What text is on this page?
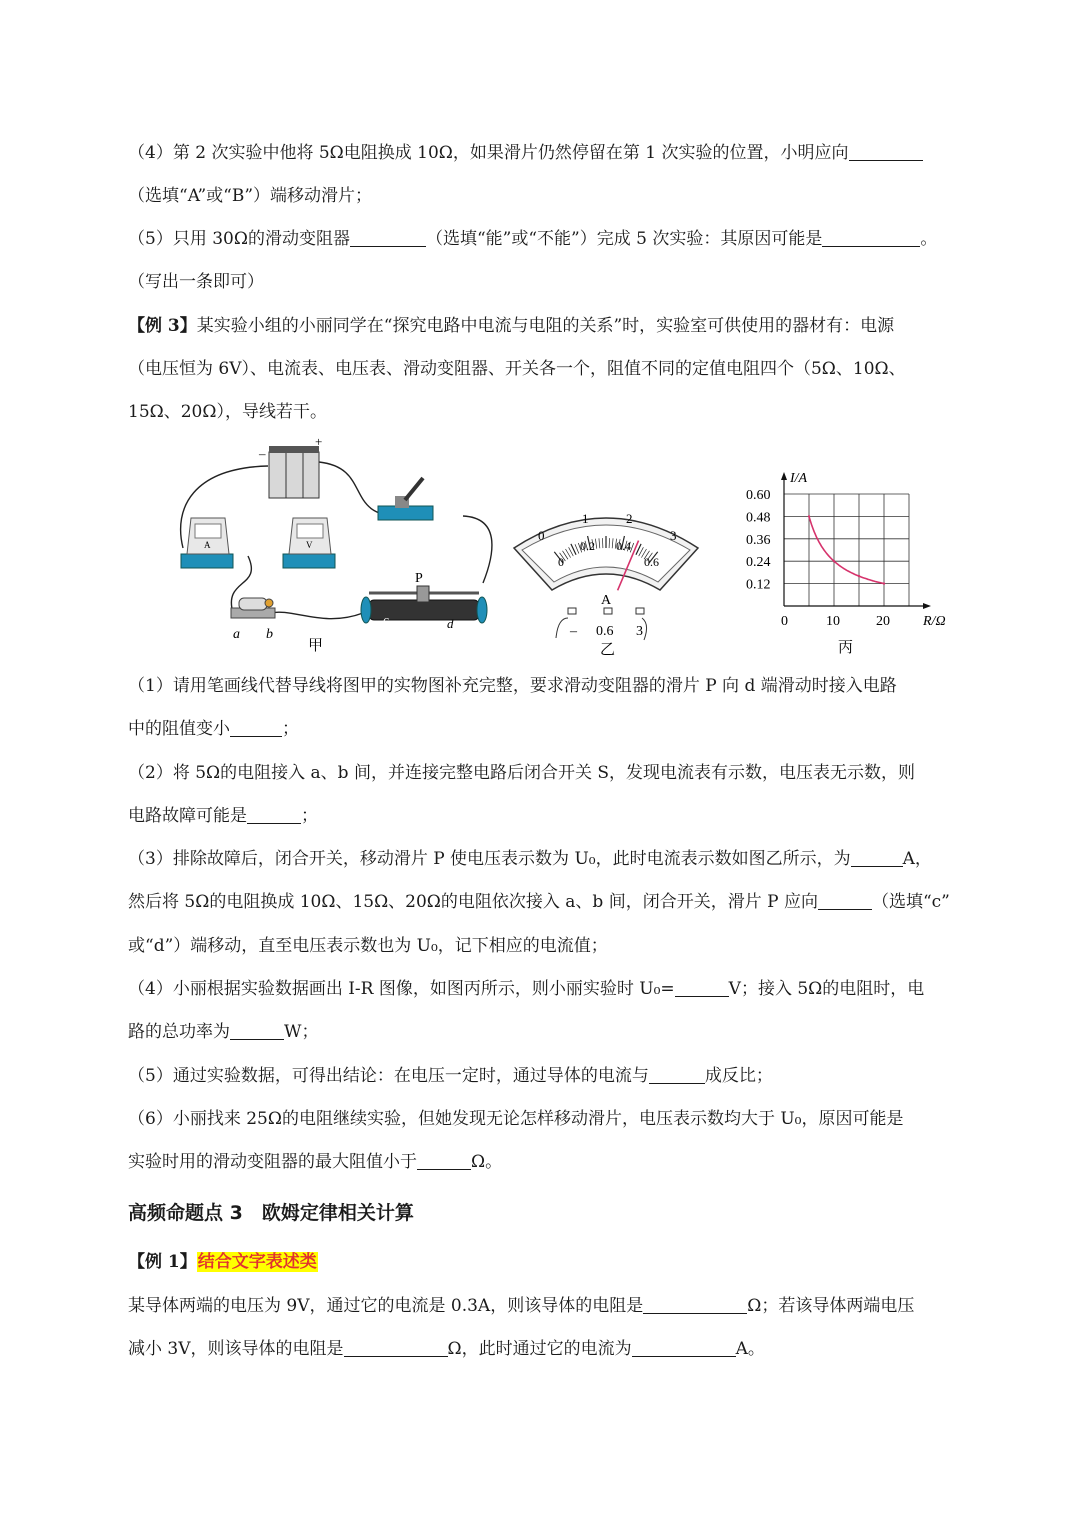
（4）第 2 次实验中他将 5Ω电阻换成 10Ω，如果滑片仍然停留在第 1 次实验的位置，小明应向
（选填“A”或“B”）端移动滑片；
（5）只用 30Ω的滑动变阻器	（选填“能”或“不能”）完成 5 次实验：其原因可能是	。
（写出一条即可）
【例 3】某实验小组的小丽同学在“探究电路中电流与电阻的关系”时，实验室可供使用的器材有：电源
（电压恒为 6V）、电流表、电压表、滑动变阻器、开关各一个，阻值不同的定值电阻四个（5Ω、10Ω、
15Ω、20Ω），导线若干。
+
–
A	V
a b
P
c	d
甲
0
1	2
3
0
0.2 0.4
0.6
A
– 0.6 3
乙
0	10	20
0.12
0.24
0.36
0.48
0.60
I/A
R/Ω
丙
（1）请用笔画线代替导线将图甲的实物图补充完整，要求滑动变阻器的滑片 P 向 d 端滑动时接入电路
中的阻值变小	；
（2）将 5Ω的电阻接入 a、b 间，并连接完整电路后闭合开关 S，发现电流表有示数，电压表无示数，则
电路故障可能是	；
（3）排除故障后，闭合开关，移动滑片 P 使电压表示数为 U₀，此时电流表示数如图乙所示，为	A，
然后将 5Ω的电阻换成 10Ω、15Ω、20Ω的电阻依次接入 a、b 间，闭合开关，滑片 P 应向	（选填“c”
或“d”）端移动，直至电压表示数也为 U₀，记下相应的电流值；
（4）小丽根据实验数据画出 I-R 图像，如图丙所示，则小丽实验时 U₀=	V；接入 5Ω的电阻时，电
路的总功率为	W；
（5）通过实验数据，可得出结论：在电压一定时，通过导体的电流与	成反比；
（6）小丽找来 25Ω的电阻继续实验，但她发现无论怎样移动滑片，电压表示数均大于 U₀，原因可能是
实验时用的滑动变阻器的最大阻值小于	Ω。
高频命题点 3　欧姆定律相关计算
【例 1】结合文字表述类
某导体两端的电压为 9V，通过它的电流是 0.3A，则该导体的电阻是	Ω；若该导体两端电压
减小 3V，则该导体的电阻是	Ω，此时通过它的电流为	A。
